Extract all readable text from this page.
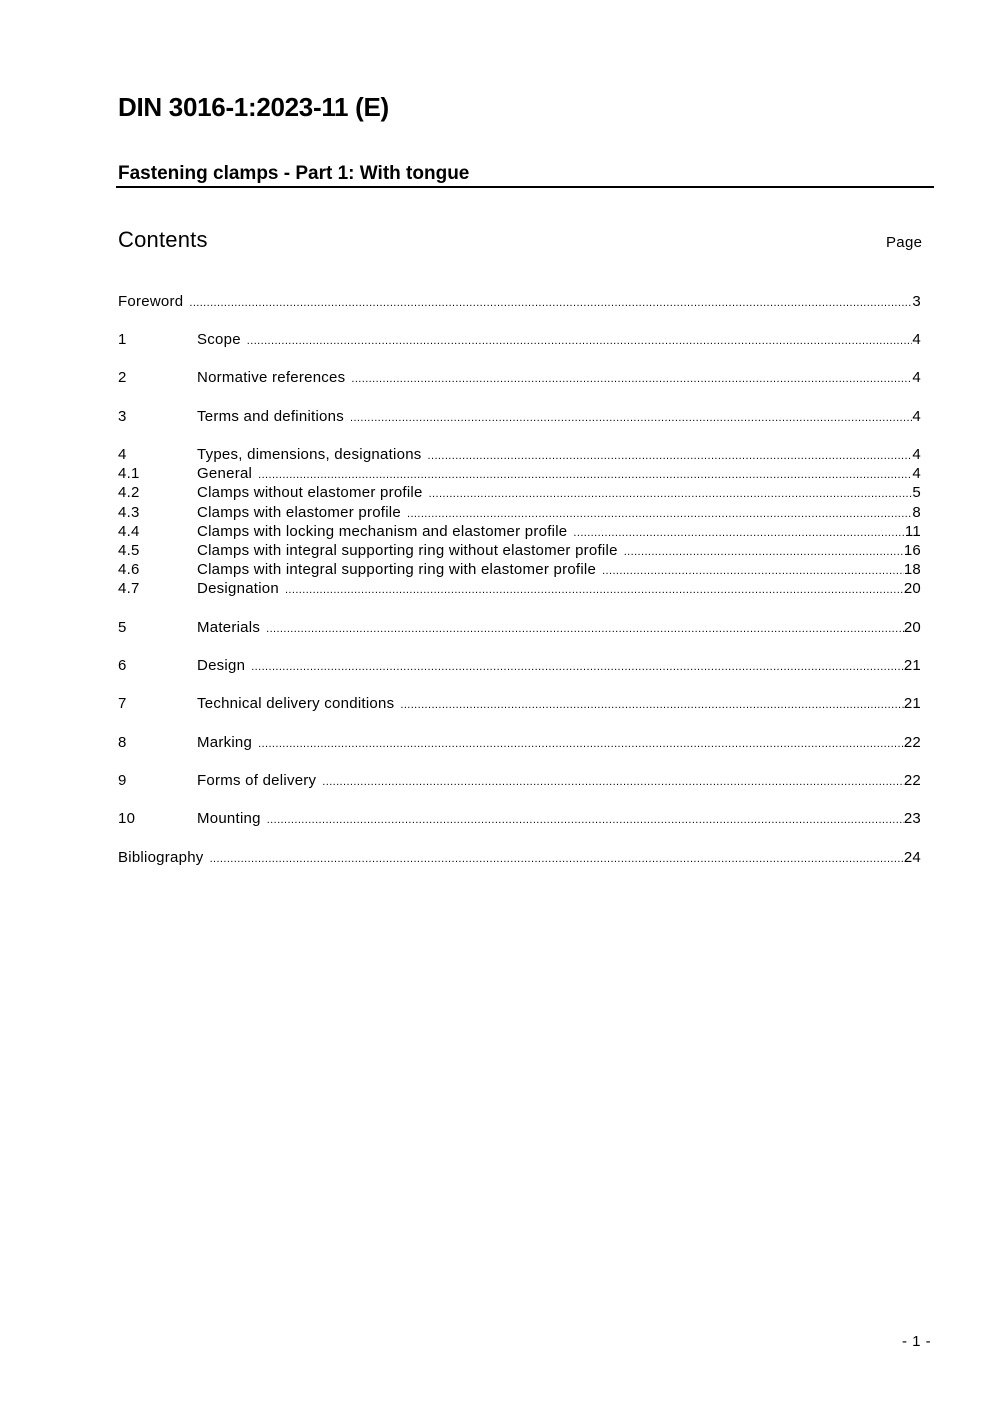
DIN 3016-1:2023-11 (E)
Fastening clamps - Part 1: With tongue
Contents	Page
Foreword .....	3
1	Scope .....	4
2	Normative references .....	4
3	Terms and definitions .....	4
4	Types, dimensions, designations .....	4
4.1	General .....	4
4.2	Clamps without elastomer profile .....	5
4.3	Clamps with elastomer profile .....	8
4.4	Clamps with locking mechanism and elastomer profile .....	11
4.5	Clamps with integral supporting ring without elastomer profile .....	16
4.6	Clamps with integral supporting ring with elastomer profile .....	18
4.7	Designation .....	20
5	Materials .....	20
6	Design .....	21
7	Technical delivery conditions .....	21
8	Marking .....	22
9	Forms of delivery .....	22
10	Mounting .....	23
Bibliography .....	24
- 1 -
